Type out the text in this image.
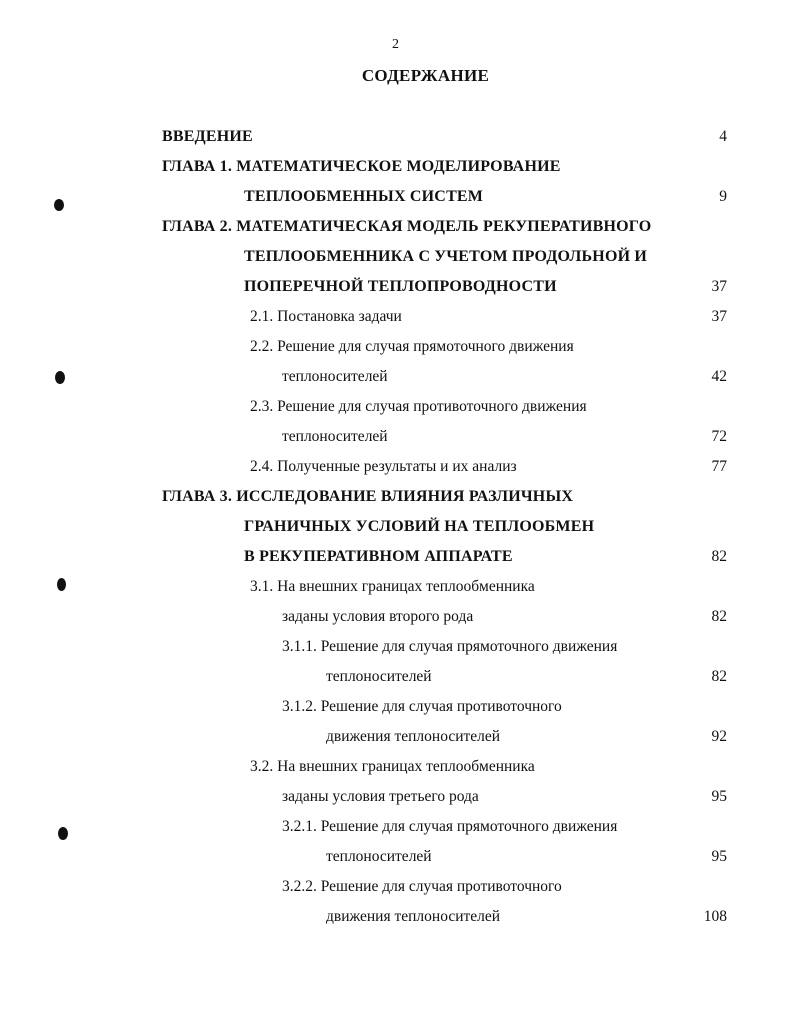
2
СОДЕРЖАНИЕ
ВВЕДЕНИЕ	4
ГЛАВА 1. МАТЕМАТИЧЕСКОЕ МОДЕЛИРОВАНИЕ
ТЕПЛООБМЕННЫХ СИСТЕМ	9
ГЛАВА 2. МАТЕМАТИЧЕСКАЯ МОДЕЛЬ РЕКУПЕРАТИВНОГО
ТЕПЛООБМЕННИКА С УЧЕТОМ ПРОДОЛЬНОЙ И
ПОПЕРЕЧНОЙ ТЕПЛОПРОВОДНОСТИ	37
2.1. Постановка задачи	37
2.2. Решение для случая прямоточного движения
теплоносителей	42
2.3. Решение для случая противоточного движения
теплоносителей	72
2.4. Полученные результаты и их анализ	77
ГЛАВА 3. ИССЛЕДОВАНИЕ ВЛИЯНИЯ РАЗЛИЧНЫХ
ГРАНИЧНЫХ УСЛОВИЙ НА ТЕПЛООБМЕН
В РЕКУПЕРАТИВНОМ АППАРАТЕ	82
3.1. На внешних границах теплообменника
заданы условия второго рода	82
3.1.1. Решение для случая прямоточного движения
теплоносителей	82
3.1.2. Решение для случая противоточного
движения теплоносителей	92
3.2. На внешних границах теплообменника
заданы условия третьего рода	95
3.2.1. Решение для случая прямоточного движения
теплоносителей	95
3.2.2. Решение для случая противоточного
движения теплоносителей	108
